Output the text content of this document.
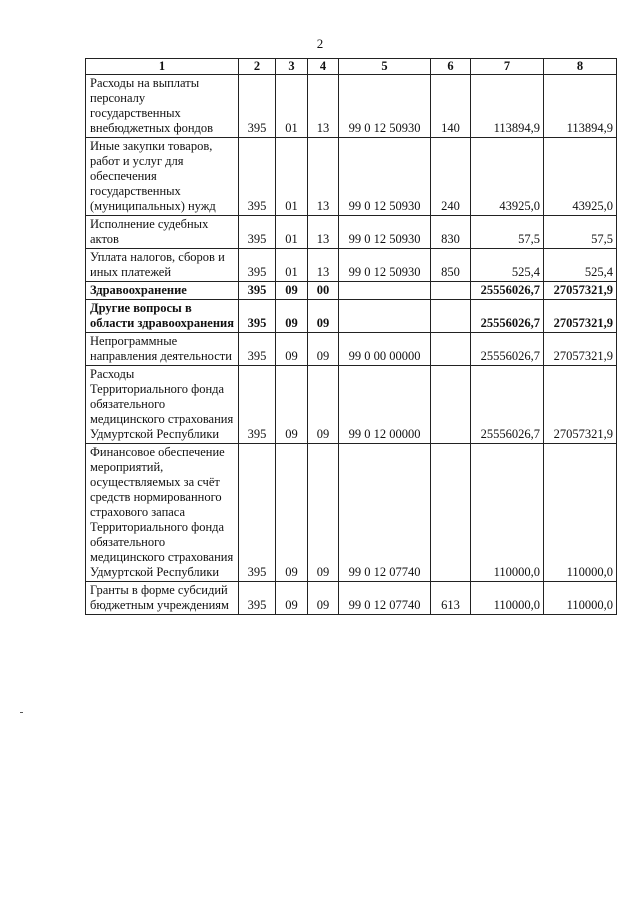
2
1	2	3	4	5	6	7	8
Расходы на выплаты персоналу государственных внебюджетных фондов	395	01	13	99 0 12 50930	140	113894,9	113894,9
Иные закупки товаров, работ и услуг для обеспечения государственных (муниципальных) нужд	395	01	13	99 0 12 50930	240	43925,0	43925,0
Исполнение судебных актов	395	01	13	99 0 12 50930	830	57,5	57,5
Уплата налогов, сборов и иных платежей	395	01	13	99 0 12 50930	850	525,4	525,4
Здравоохранение	395	09	00			25556026,7	27057321,9
Другие вопросы в области здравоохранения	395	09	09			25556026,7	27057321,9
Непрограммные направления деятельности	395	09	09	99 0 00 00000		25556026,7	27057321,9
Расходы Территориального фонда обязательного медицинского страхования Удмуртской Республики	395	09	09	99 0 12 00000		25556026,7	27057321,9
Финансовое обеспечение мероприятий, осуществляемых за счёт средств нормированного страхового запаса Территориального фонда обязательного медицинского страхования Удмуртской Республики	395	09	09	99 0 12 07740		110000,0	110000,0
Гранты в форме субсидий бюджетным учреждениям	395	09	09	99 0 12 07740	613	110000,0	110000,0
